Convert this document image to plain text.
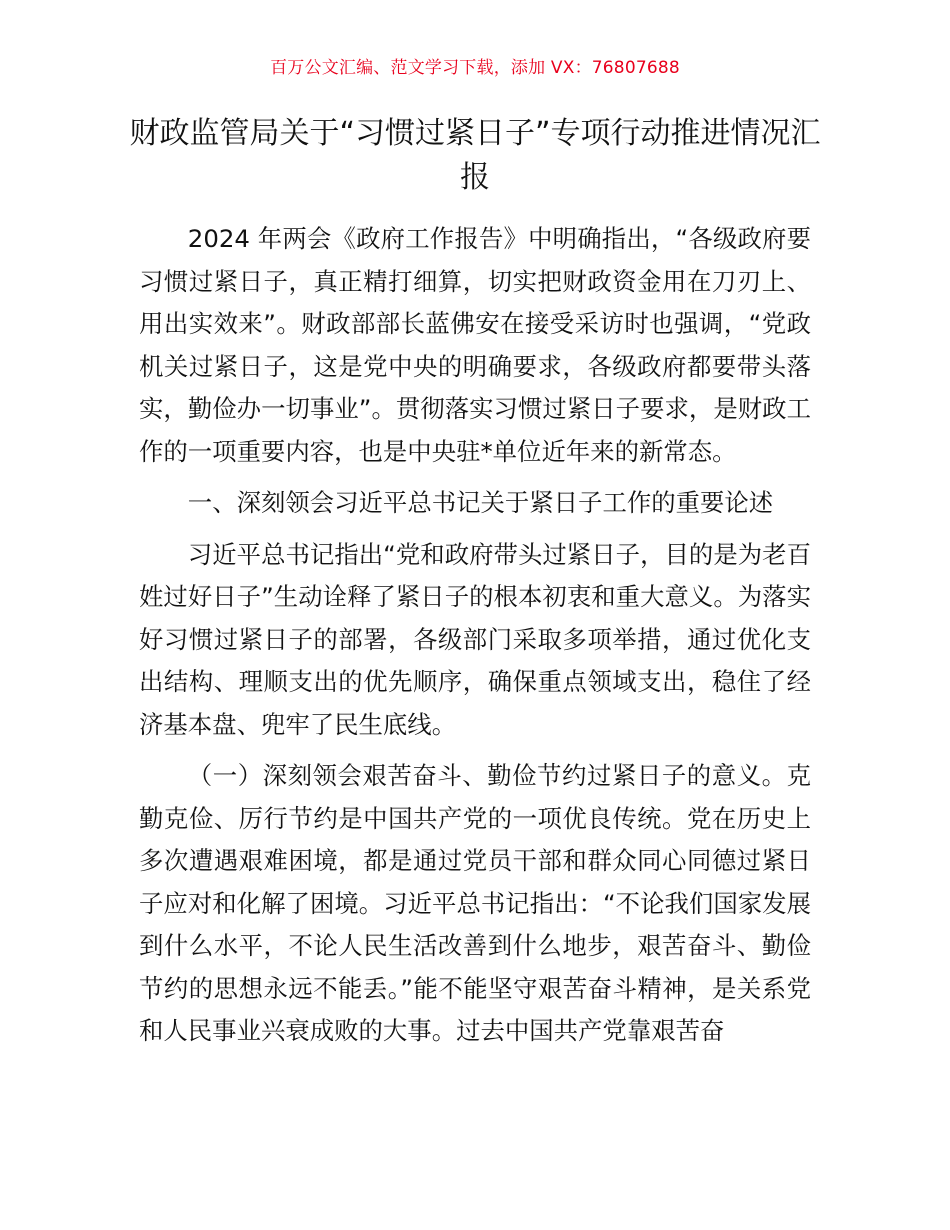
百万公文汇编、范文学习下载，添加 VX：76807688
财政监管局关于“习惯过紧日子”专项行动推进情况汇报

2024 年两会《政府工作报告》中明确指出，“各级政府要习惯过紧日子，真正精打细算，切实把财政资金用在刀刃上、用出实效来”。财政部部长蓝佛安在接受采访时也强调，“党政机关过紧日子，这是党中央的明确要求，各级政府都要带头落实，勤俭办一切事业”。贯彻落实习惯过紧日子要求，是财政工作的一项重要内容，也是中央驻*单位近年来的新常态。

一、深刻领会习近平总书记关于紧日子工作的重要论述

习近平总书记指出“党和政府带头过紧日子，目的是为老百姓过好日子”生动诠释了紧日子的根本初衷和重大意义。为落实好习惯过紧日子的部署，各级部门采取多项举措，通过优化支出结构、理顺支出的优先顺序，确保重点领域支出，稳住了经济基本盘、兜牢了民生底线。

（一）深刻领会艰苦奋斗、勤俭节约过紧日子的意义。克勤克俭、厉行节约是中国共产党的一项优良传统。党在历史上多次遭遇艰难困境，都是通过党员干部和群众同心同德过紧日子应对和化解了困境。习近平总书记指出：“不论我们国家发展到什么水平，不论人民生活改善到什么地步，艰苦奋斗、勤俭节约的思想永远不能丢。”能不能坚守艰苦奋斗精神，是关系党和人民事业兴衰成败的大事。过去中国共产党靠艰苦奋
